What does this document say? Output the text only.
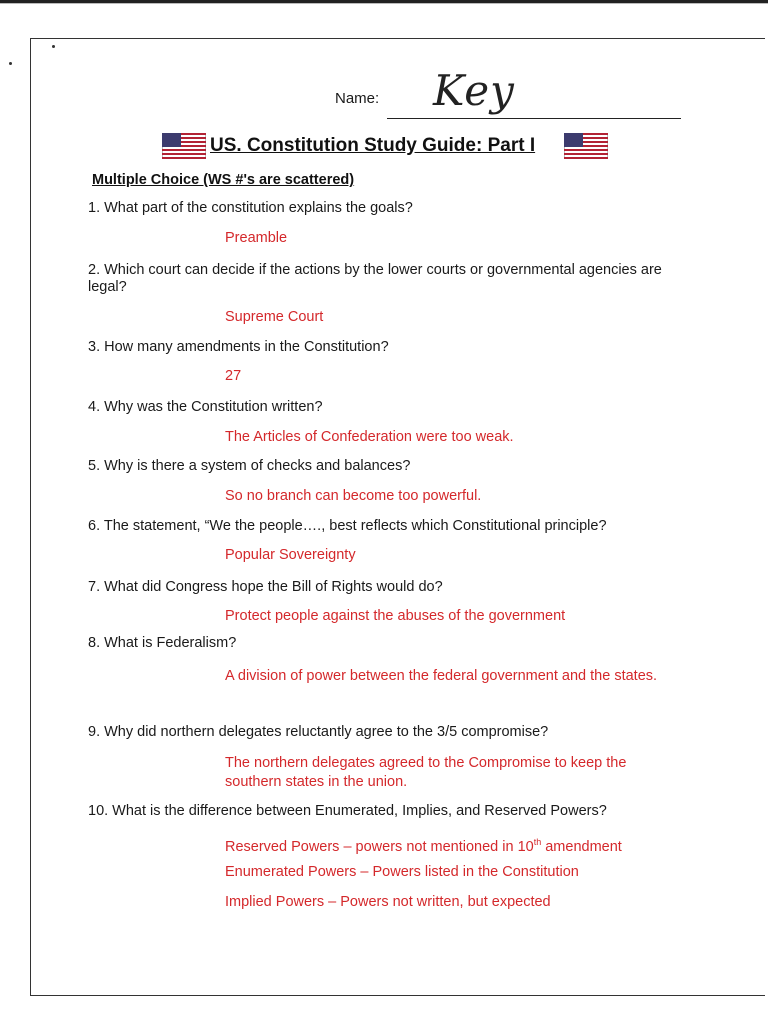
Name: Key
US. Constitution Study Guide: Part I
Multiple Choice (WS #'s are scattered)
1. What part of the constitution explains the goals?
Preamble
2. Which court can decide if the actions by the lower courts or governmental agencies are legal?
Supreme Court
3. How many amendments in the Constitution?
27
4. Why was the Constitution written?
The Articles of Confederation were too weak.
5. Why is there a system of checks and balances?
So no branch can become too powerful.
6. The statement, “We the people…., best reflects which Constitutional principle?
Popular Sovereignty
7. What did Congress hope the Bill of Rights would do?
Protect people against the abuses of the government
8. What is Federalism?
A division of power between the federal government and the states.
9. Why did northern delegates reluctantly agree to the 3/5 compromise?
The northern delegates agreed to the Compromise to keep the southern states in the union.
10. What is the difference between Enumerated, Implies, and Reserved Powers?
Reserved Powers – powers not mentioned in 10th amendment
Enumerated Powers – Powers listed in the Constitution
Implied Powers – Powers not written, but expected
